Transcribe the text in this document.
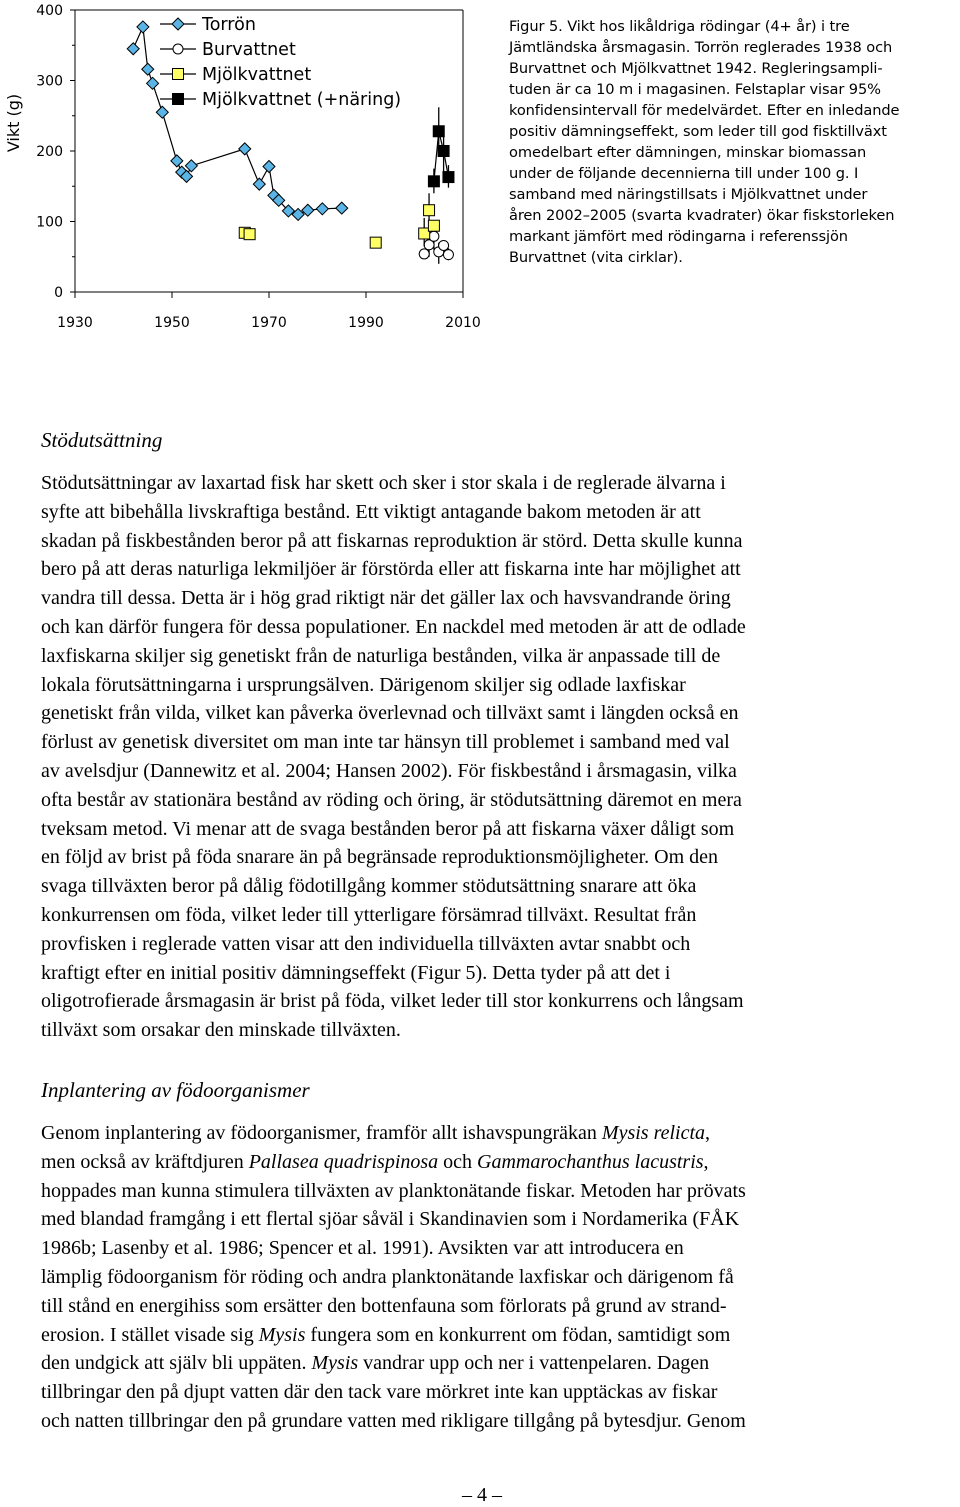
0
100
200
300
400
1930	1950	1970	1990	2010
Vikt (g)
Torrön
Burvattnet
Mjölkvattnet
Mjölkvattnet (+näring)
Figur 5. Vikt hos likåldriga rödingar (4+ år) i tre
Jämtländska årsmagasin. Torrön reglerades 1938 och
Burvattnet och Mjölkvattnet 1942. Regleringsampli-
tuden är ca 10 m i magasinen. Felstaplar visar 95%
konfidensintervall för medelvärdet. Efter en inledande
positiv dämningseffekt, som leder till god fisktillväxt
omedelbart efter dämningen, minskar biomassan
under de följande decennierna till under 100 g. I
samband med näringstillsats i Mjölkvattnet under
åren 2002–2005 (svarta kvadrater) ökar fiskstorleken
markant jämfört med rödingarna i referenssjön
Burvattnet (vita cirklar).
Stödutsättning
Stödutsättningar av laxartad fisk har skett och sker i stor skala i de reglerade älvarna i
syfte att bibehålla livskraftiga bestånd. Ett viktigt antagande bakom metoden är att
skadan på fiskbestånden beror på att fiskarnas reproduktion är störd. Detta skulle kunna
bero på att deras naturliga lekmiljöer är förstörda eller att fiskarna inte har möjlighet att
vandra till dessa. Detta är i hög grad riktigt när det gäller lax och havsvandrande öring
och kan därför fungera för dessa populationer. En nackdel med metoden är att de odlade
laxfiskarna skiljer sig genetiskt från de naturliga bestånden, vilka är anpassade till de
lokala förutsättningarna i ursprungsälven. Därigenom skiljer sig odlade laxfiskar
genetiskt från vilda, vilket kan påverka överlevnad och tillväxt samt i längden också en
förlust av genetisk diversitet om man inte tar hänsyn till problemet i samband med val
av avelsdjur (Dannewitz et al. 2004; Hansen 2002). För fiskbestånd i årsmagasin, vilka
ofta består av stationära bestånd av röding och öring, är stödutsättning däremot en mera
tveksam metod. Vi menar att de svaga bestånden beror på att fiskarna växer dåligt som
en följd av brist på föda snarare än på begränsade reproduktionsmöjligheter. Om den
svaga tillväxten beror på dålig födotillgång kommer stödutsättning snarare att öka
konkurrensen om föda, vilket leder till ytterligare försämrad tillväxt. Resultat från
provfisken i reglerade vatten visar att den individuella tillväxten avtar snabbt och
kraftigt efter en initial positiv dämningseffekt (Figur 5). Detta tyder på att det i
oligotrofierade årsmagasin är brist på föda, vilket leder till stor konkurrens och långsam
tillväxt som orsakar den minskade tillväxten.
Inplantering av födoorganismer
Genom inplantering av födoorganismer, framför allt ishavspungräkan Mysis relicta,
men också av kräftdjuren Pallasea quadrispinosa och Gammarochanthus lacustris,
hoppades man kunna stimulera tillväxten av planktonätande fiskar. Metoden har prövats
med blandad framgång i ett flertal sjöar såväl i Skandinavien som i Nordamerika (FÅK
1986b; Lasenby et al. 1986; Spencer et al. 1991). Avsikten var att introducera en
lämplig födoorganism för röding och andra planktonätande laxfiskar och därigenom få
till stånd en energihiss som ersätter den bottenfauna som förlorats på grund av strand-
erosion. I stället visade sig Mysis fungera som en konkurrent om födan, samtidigt som
den undgick att själv bli uppäten. Mysis vandrar upp och ner i vattenpelaren. Dagen
tillbringar den på djupt vatten där den tack vare mörkret inte kan upptäckas av fiskar
och natten tillbringar den på grundare vatten med rikligare tillgång på bytesdjur. Genom
– 4 –
